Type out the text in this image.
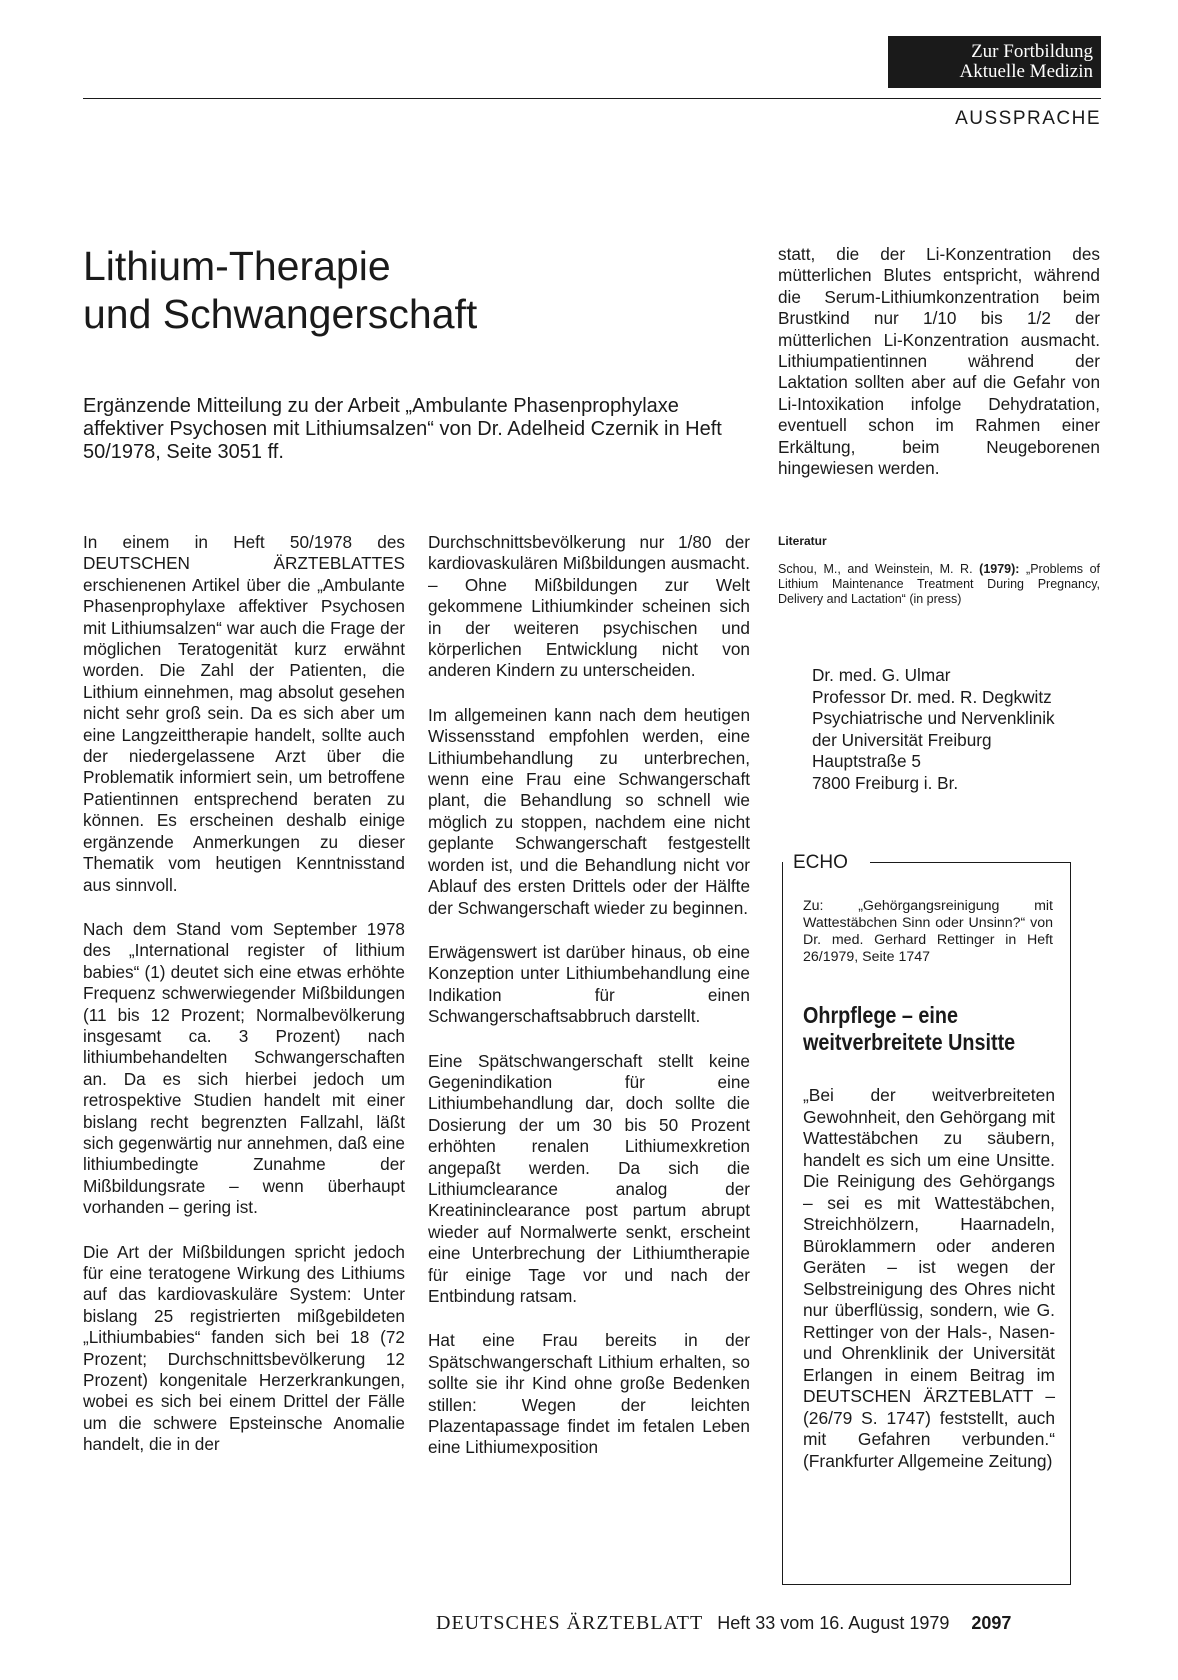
Zur Fortbildung
Aktuelle Medizin
AUSSPRACHE
Lithium-Therapie
und Schwangerschaft

Ergänzende Mitteilung zu der Arbeit „Ambulante Phasenprophylaxe affektiver Psychosen mit Lithiumsalzen“ von Dr. Adelheid Czernik in Heft 50/1978, Seite 3051 ff.

In einem in Heft 50/1978 des DEUTSCHEN ÄRZTEBLATTES erschienenen Artikel über die „Ambulante Phasenprophylaxe affektiver Psychosen mit Lithiumsalzen“ war auch die Frage der möglichen Teratogenität kurz erwähnt worden. Die Zahl der Patienten, die Lithium einnehmen, mag absolut gesehen nicht sehr groß sein. Da es sich aber um eine Langzeittherapie handelt, sollte auch der niedergelassene Arzt über die Problematik informiert sein, um betroffene Patientinnen entsprechend beraten zu können. Es erscheinen deshalb einige ergänzende Anmerkungen zu dieser Thematik vom heutigen Kenntnisstand aus sinnvoll.

Nach dem Stand vom September 1978 des „International register of lithium babies“ (1) deutet sich eine etwas erhöhte Frequenz schwerwiegender Mißbildungen (11 bis 12 Prozent; Normalbevölkerung insgesamt ca. 3 Prozent) nach lithiumbehandelten Schwangerschaften an. Da es sich hierbei jedoch um retrospektive Studien handelt mit einer bislang recht begrenzten Fallzahl, läßt sich gegenwärtig nur annehmen, daß eine lithiumbedingte Zunahme der Mißbildungsrate – wenn überhaupt vorhanden – gering ist.

Die Art der Mißbildungen spricht jedoch für eine teratogene Wirkung des Lithiums auf das kardiovaskuläre System: Unter bislang 25 registrierten mißgebildeten „Lithiumbabies“ fanden sich bei 18 (72 Prozent; Durchschnittsbevölkerung 12 Prozent) kongenitale Herzerkrankungen, wobei es sich bei einem Drittel der Fälle um die schwere Epsteinsche Anomalie handelt, die in der

Durchschnittsbevölkerung nur 1/80 der kardiovaskulären Mißbildungen ausmacht. – Ohne Mißbildungen zur Welt gekommene Lithiumkinder scheinen sich in der weiteren psychischen und körperlichen Entwicklung nicht von anderen Kindern zu unterscheiden.

Im allgemeinen kann nach dem heutigen Wissensstand empfohlen werden, eine Lithiumbehandlung zu unterbrechen, wenn eine Frau eine Schwangerschaft plant, die Behandlung so schnell wie möglich zu stoppen, nachdem eine nicht geplante Schwangerschaft festgestellt worden ist, und die Behandlung nicht vor Ablauf des ersten Drittels oder der Hälfte der Schwangerschaft wieder zu beginnen.

Erwägenswert ist darüber hinaus, ob eine Konzeption unter Lithiumbehandlung eine Indikation für einen Schwangerschaftsabbruch darstellt.

Eine Spätschwangerschaft stellt keine Gegenindikation für eine Lithiumbehandlung dar, doch sollte die Dosierung der um 30 bis 50 Prozent erhöhten renalen Lithiumexkretion angepaßt werden. Da sich die Lithiumclearance analog der Kreatininclearance post partum abrupt wieder auf Normalwerte senkt, erscheint eine Unterbrechung der Lithiumtherapie für einige Tage vor und nach der Entbindung ratsam.

Hat eine Frau bereits in der Spätschwangerschaft Lithium erhalten, so sollte sie ihr Kind ohne große Bedenken stillen: Wegen der leichten Plazentapassage findet im fetalen Leben eine Lithiumexposition

statt, die der Li-Konzentration des mütterlichen Blutes entspricht, während die Serum-Lithiumkonzentration beim Brustkind nur 1/10 bis 1/2 der mütterlichen Li-Konzentration ausmacht. Lithiumpatientinnen während der Laktation sollten aber auf die Gefahr von Li-Intoxikation infolge Dehydratation, eventuell schon im Rahmen einer Erkältung, beim Neugeborenen hingewiesen werden.

Literatur

Schou, M., and Weinstein, M. R. (1979): „Problems of Lithium Maintenance Treatment During Pregnancy, Delivery and Lactation“ (in press)

Dr. med. G. Ulmar
Professor Dr. med. R. Degkwitz
Psychiatrische und Nervenklinik
der Universität Freiburg
Hauptstraße 5
7800 Freiburg i. Br.
ECHO

Zu: „Gehörgangsreinigung mit Wattestäbchen Sinn oder Unsinn?“ von Dr. med. Gerhard Rettinger in Heft 26/1979, Seite 1747

Ohrpflege – eine
weitverbreitete Unsitte

„Bei der weitverbreiteten Gewohnheit, den Gehörgang mit Wattestäbchen zu säubern, handelt es sich um eine Unsitte. Die Reinigung des Gehörgangs – sei es mit Wattestäbchen, Streichhölzern, Haarnadeln, Büroklammern oder anderen Geräten – ist wegen der Selbstreinigung des Ohres nicht nur überflüssig, sondern, wie G. Rettinger von der Hals-, Nasen- und Ohrenklinik der Universität Erlangen in einem Beitrag im DEUTSCHEN ÄRZTEBLATT – (26/79 S. 1747) feststellt, auch mit Gefahren verbunden.“ (Frankfurter Allgemeine Zeitung)

DEUTSCHES ÄRZTEBLATT Heft 33 vom 16. August 1979 2097
